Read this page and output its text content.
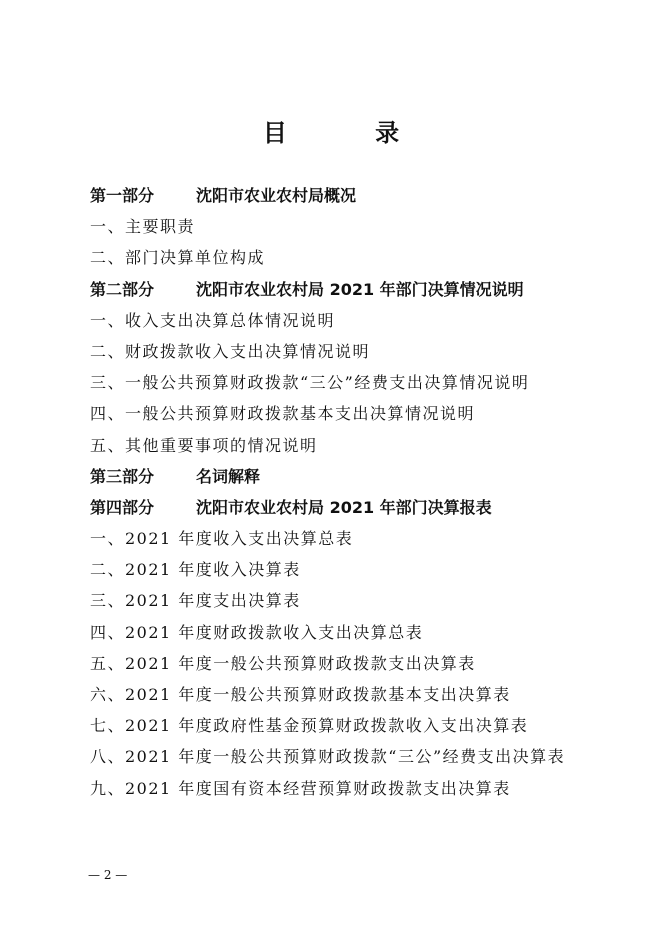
目 录
第一部分	沈阳市农业农村局概况
一、主要职责
二、部门决算单位构成
第二部分	沈阳市农业农村局 2021 年部门决算情况说明
一、收入支出决算总体情况说明
二、财政拨款收入支出决算情况说明
三、一般公共预算财政拨款“三公”经费支出决算情况说明
四、一般公共预算财政拨款基本支出决算情况说明
五、其他重要事项的情况说明
第三部分	名词解释
第四部分	沈阳市农业农村局 2021 年部门决算报表
一、2021 年度收入支出决算总表
二、2021 年度收入决算表
三、2021 年度支出决算表
四、2021 年度财政拨款收入支出决算总表
五、2021 年度一般公共预算财政拨款支出决算表
六、2021 年度一般公共预算财政拨款基本支出决算表
七、2021 年度政府性基金预算财政拨款收入支出决算表
八、2021 年度一般公共预算财政拨款“三公”经费支出决算表
九、2021 年度国有资本经营预算财政拨款支出决算表
— 2 —
